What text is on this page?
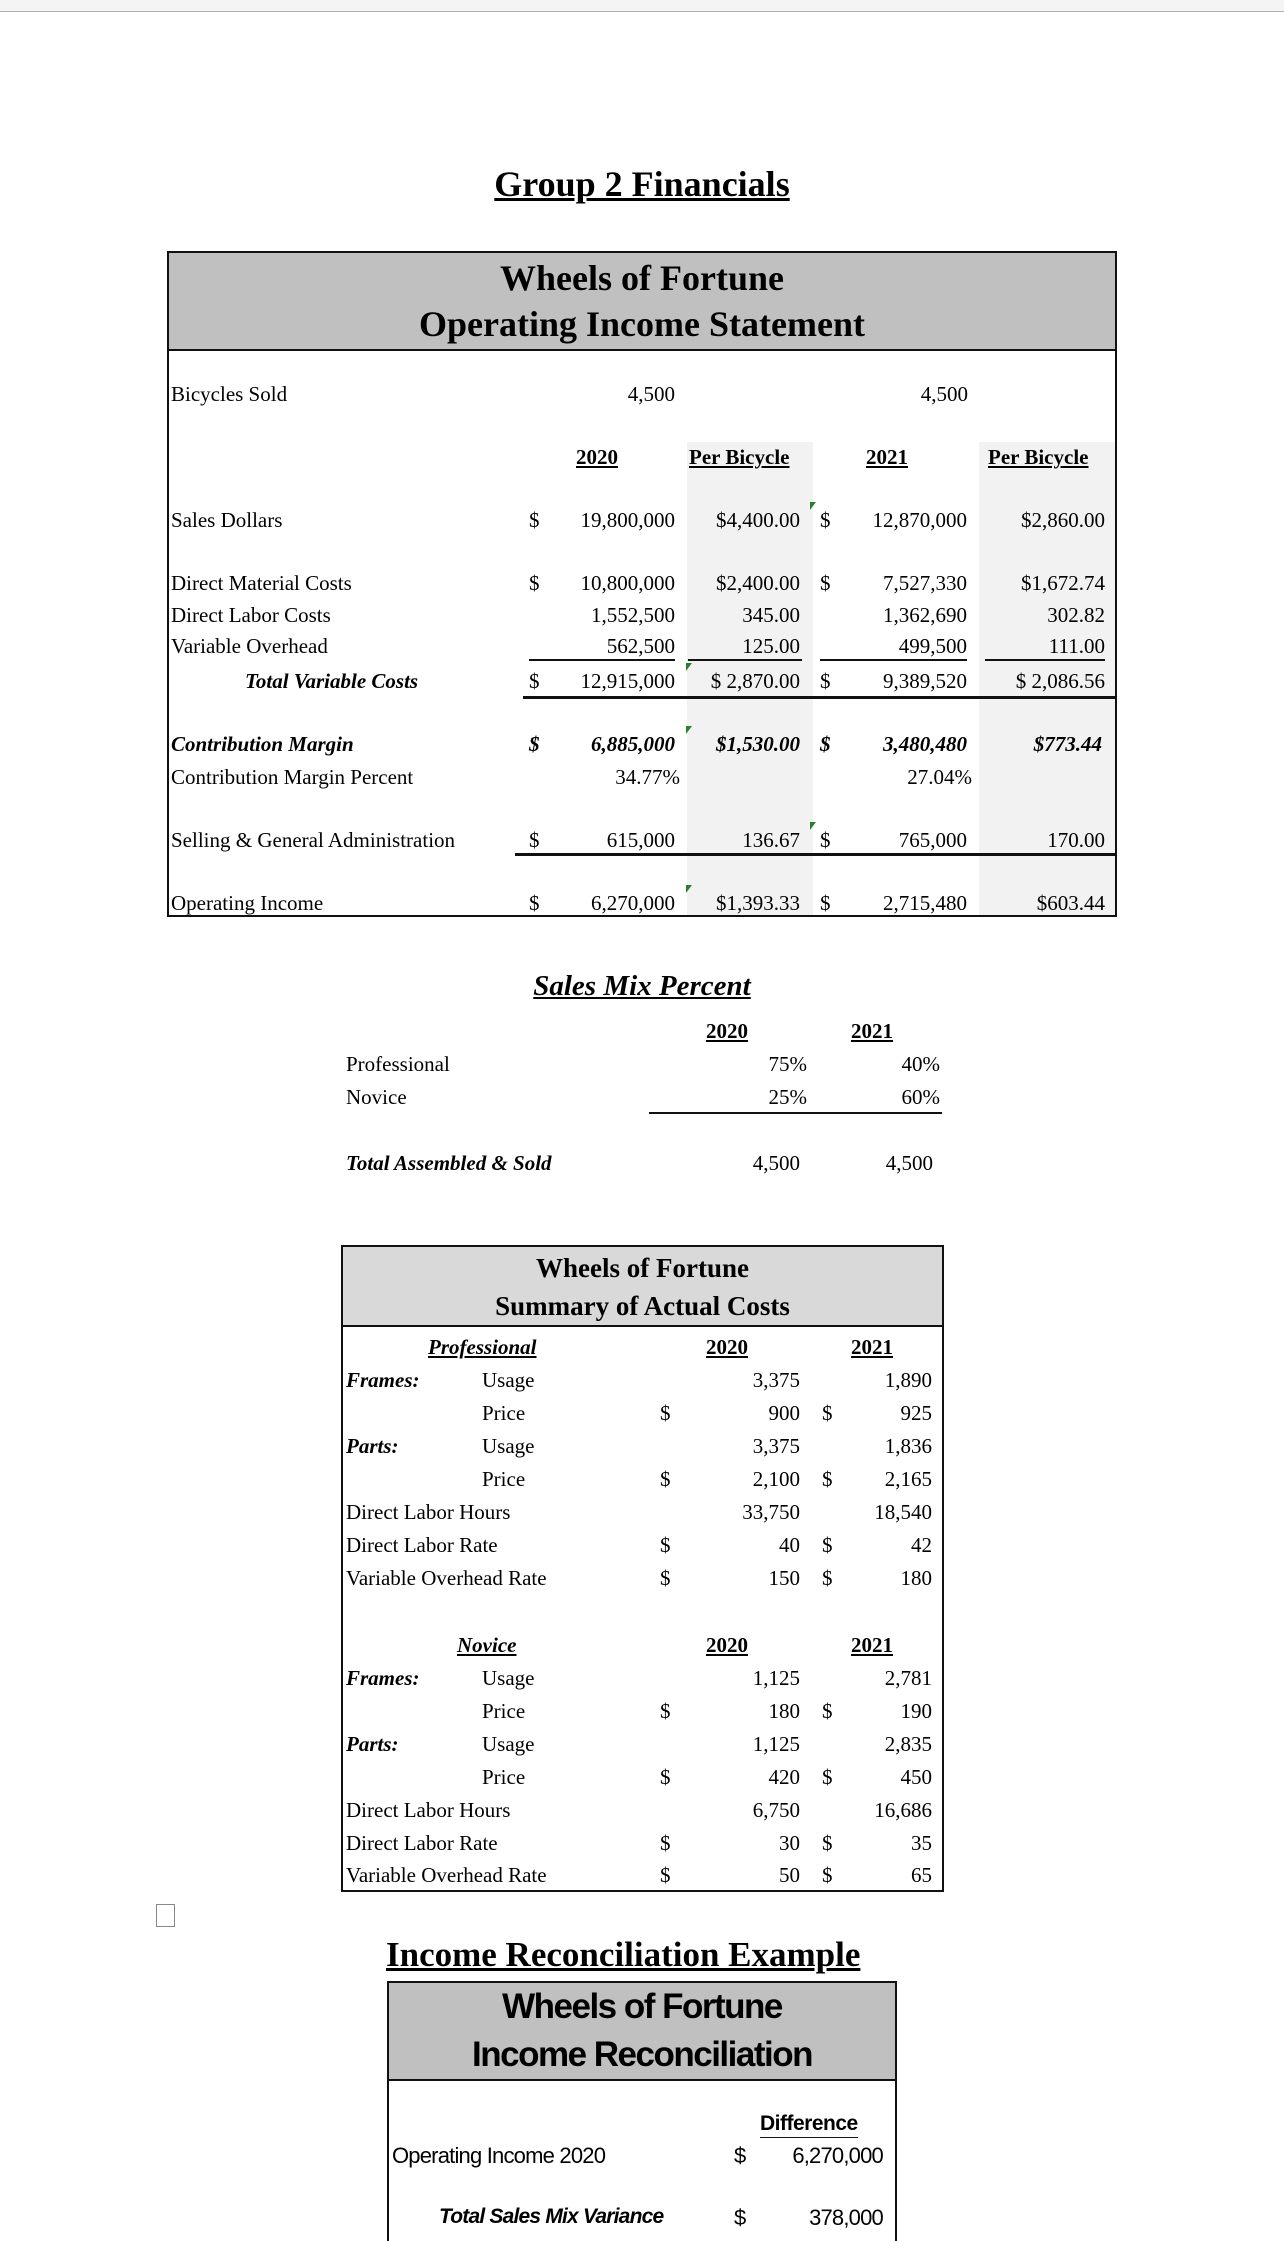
Group 2 Financials
Wheels of Fortune
Operating Income Statement
Bicycles Sold	4,500	4,500
2020	Per Bicycle	2021	Per Bicycle
Sales Dollars	$	19,800,000	$4,400.00 $	12,870,000	$2,860.00
Direct Material Costs	$	10,800,000	$2,400.00 $	7,527,330	$1,672.74
Direct Labor Costs	1,552,500	345.00	1,362,690	302.82
Variable Overhead	562,500	125.00	499,500	111.00
Total Variable Costs	$	12,915,000	$ 2,870.00 $	9,389,520	$ 2,086.56
Contribution Margin	$	6,885,000	$1,530.00 $	3,480,480	$773.44
Contribution Margin Percent	34.77%	27.04%
Selling & General Administration	$	615,000	136.67 $	765,000	170.00
Operating Income	$	6,270,000	$1,393.33 $	2,715,480	$603.44
Sales Mix Percent
2020	2021
Professional	75%	40%
Novice	25%	60%
Total Assembled & Sold	4,500	4,500
Wheels of Fortune
Summary of Actual Costs
Professional	2020	2021
Frames:	Usage	3,375	1,890
Price	$	900 $	925
Parts:	Usage	3,375	1,836
Price	$	2,100 $	2,165
Direct Labor Hours	33,750	18,540
Direct Labor Rate	$	40 $	42
Variable Overhead Rate	$	150 $	180
Novice	2020	2021
Frames:	Usage	1,125	2,781
Price	$	180 $	190
Parts:	Usage	1,125	2,835
Price	$	420 $	450
Direct Labor Hours	6,750	16,686
Direct Labor Rate	$	30 $	35
Variable Overhead Rate	$	50 $	65
Income Reconciliation Example
Wheels of Fortune
Income Reconciliation
Difference
Operating Income 2020	$	6,270,000
Total Sales Mix Variance	$	378,000
